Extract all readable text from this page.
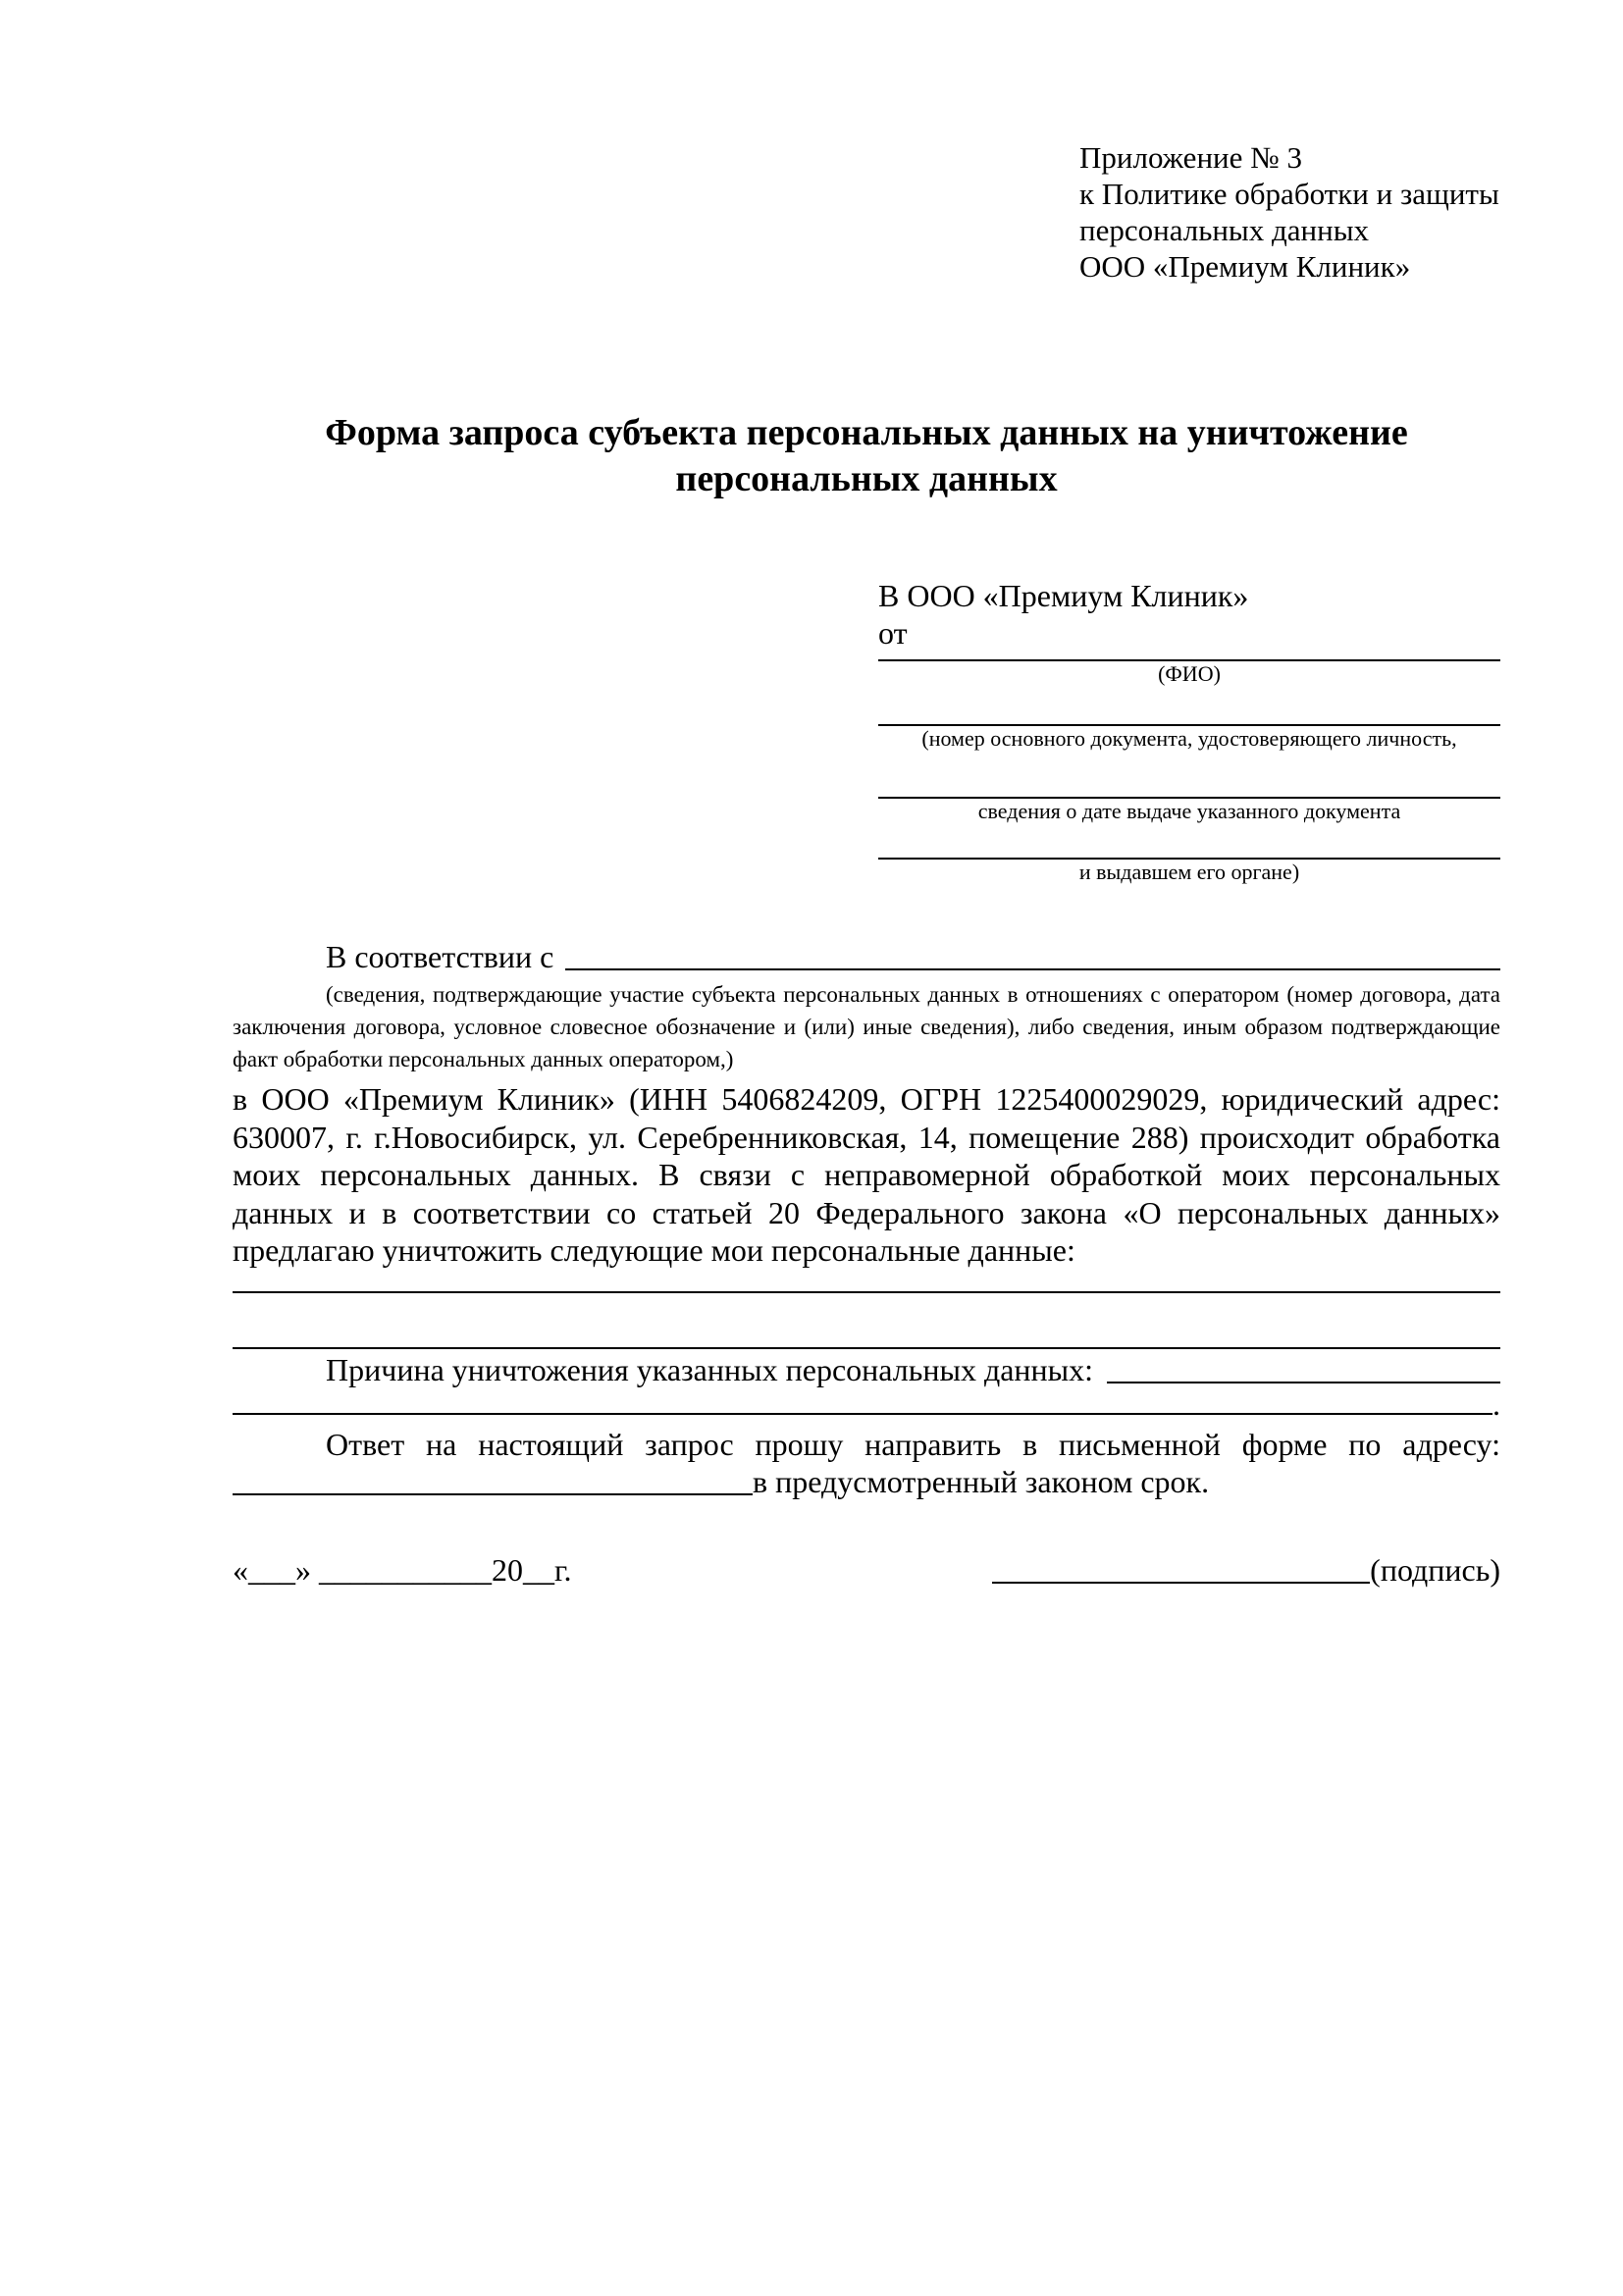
Приложение № 3
к Политике обработки и защиты
персональных данных
ООО «Премиум Клиник»
Форма запроса субъекта персональных данных на уничтожение персональных данных
В ООО «Премиум Клиник»
от
(ФИО)
(номер основного документа, удостоверяющего личность,
сведения о дате выдаче указанного документа
и выдавшем его органе)
В соответствии с

(сведения, подтверждающие участие субъекта персональных данных в отношениях с оператором (номер договора, дата заключения договора, условное словесное обозначение и (или) иные сведения), либо сведения, иным образом подтверждающие факт обработки персональных данных оператором,)

в ООО «Премиум Клиник» (ИНН 5406824209, ОГРН 1225400029029, юридический адрес: 630007, г. г.Новосибирск, ул. Серебренниковская, 14, помещение 288) происходит обработка моих персональных данных. В связи с неправомерной обработкой моих персональных данных и в соответствии со статьей 20 Федерального закона «О персональных данных» предлагаю уничтожить следующие мои персональные данные:

Причина уничтожения указанных персональных данных:
.

Ответ на настоящий запрос прошу направить в письменной форме по адресу:

в предусмотренный законом срок.
«___» ___________20__г.	(подпись)
